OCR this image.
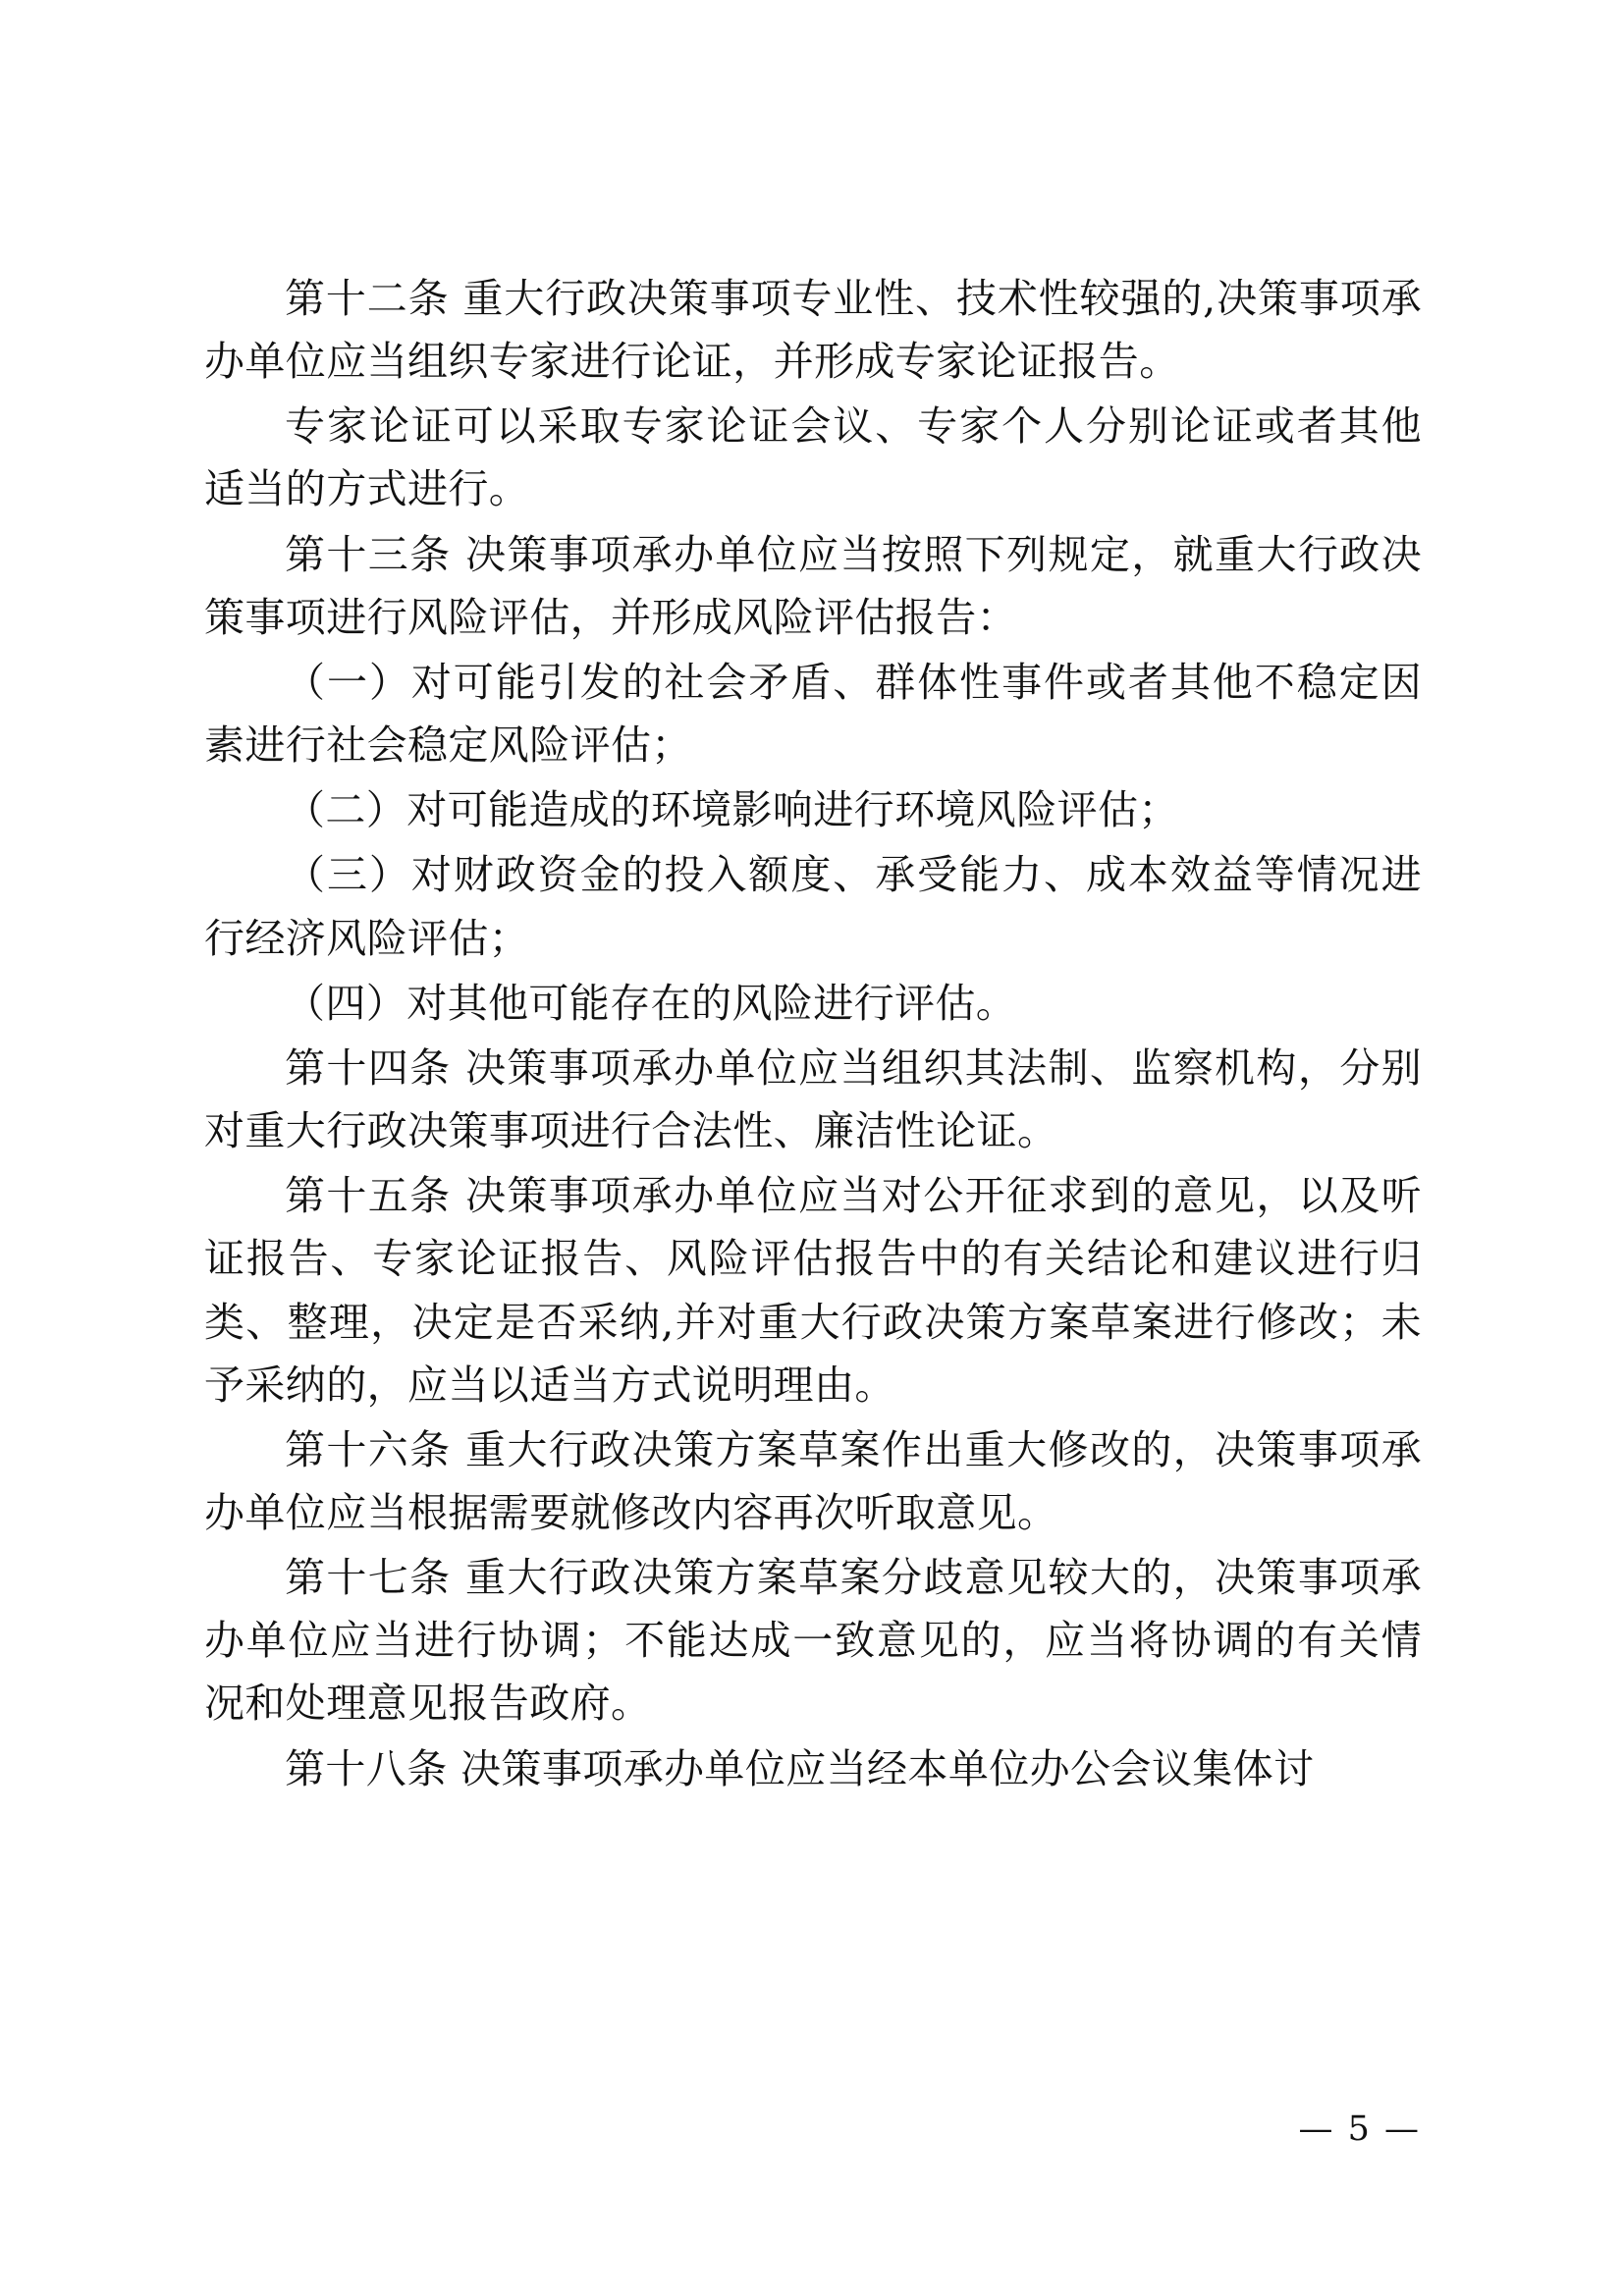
第十二条 重大行政决策事项专业性、技术性较强的,决策事项承办单位应当组织专家进行论证，并形成专家论证报告。

专家论证可以采取专家论证会议、专家个人分别论证或者其他适当的方式进行。

第十三条 决策事项承办单位应当按照下列规定，就重大行政决策事项进行风险评估，并形成风险评估报告：

（一）对可能引发的社会矛盾、群体性事件或者其他不稳定因素进行社会稳定风险评估；

（二）对可能造成的环境影响进行环境风险评估；

（三）对财政资金的投入额度、承受能力、成本效益等情况进行经济风险评估；

（四）对其他可能存在的风险进行评估。

第十四条 决策事项承办单位应当组织其法制、监察机构，分别对重大行政决策事项进行合法性、廉洁性论证。

第十五条 决策事项承办单位应当对公开征求到的意见，以及听证报告、专家论证报告、风险评估报告中的有关结论和建议进行归类、整理，决定是否采纳,并对重大行政决策方案草案进行修改；未予采纳的，应当以适当方式说明理由。

第十六条 重大行政决策方案草案作出重大修改的，决策事项承办单位应当根据需要就修改内容再次听取意见。

第十七条 重大行政决策方案草案分歧意见较大的，决策事项承办单位应当进行协调；不能达成一致意见的，应当将协调的有关情况和处理意见报告政府。

第十八条 决策事项承办单位应当经本单位办公会议集体讨

— 5 —
